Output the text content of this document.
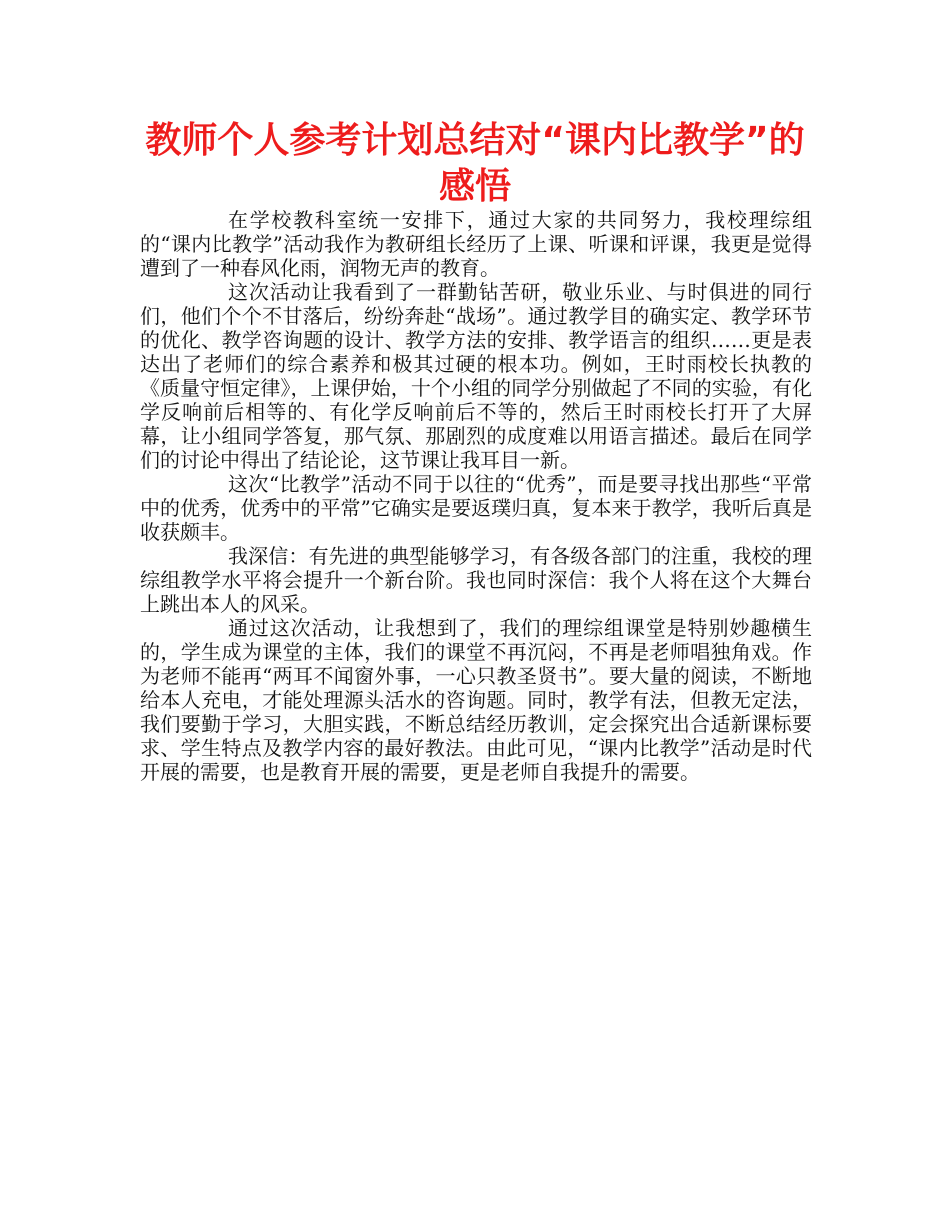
教师个人参考计划总结对“课内比教学”的感悟

在学校教科室统一安排下，通过大家的共同努力，我校理综组的“课内比教学”活动我作为教研组长经历了上课、听课和评课，我更是觉得遭到了一种春风化雨，润物无声的教育。

这次活动让我看到了一群勤钻苦研，敬业乐业、与时俱进的同行们，他们个个不甘落后，纷纷奔赴“战场”。通过教学目的确实定、教学环节的优化、教学咨询题的设计、教学方法的安排、教学语言的组织……更是表达出了老师们的综合素养和极其过硬的根本功。例如，王时雨校长执教的《质量守恒定律》，上课伊始，十个小组的同学分别做起了不同的实验，有化学反响前后相等的、有化学反响前后不等的，然后王时雨校长打开了大屏幕，让小组同学答复，那气氛、那剧烈的成度难以用语言描述。最后在同学们的讨论中得出了结论论，这节课让我耳目一新。

这次“比教学”活动不同于以往的“优秀”，而是要寻找出那些“平常中的优秀，优秀中的平常”它确实是要返璞归真，复本来于教学，我听后真是收获颇丰。

我深信：有先进的典型能够学习，有各级各部门的注重，我校的理综组教学水平将会提升一个新台阶。我也同时深信：我个人将在这个大舞台上跳出本人的风采。

通过这次活动，让我想到了，我们的理综组课堂是特别妙趣横生的，学生成为课堂的主体，我们的课堂不再沉闷，不再是老师唱独角戏。作为老师不能再“两耳不闻窗外事，一心只教圣贤书”。要大量的阅读，不断地给本人充电，才能处理源头活水的咨询题。同时，教学有法，但教无定法，我们要勤于学习，大胆实践，不断总结经历教训，定会探究出合适新课标要求、学生特点及教学内容的最好教法。由此可见，“课内比教学”活动是时代开展的需要，也是教育开展的需要，更是老师自我提升的需要。
